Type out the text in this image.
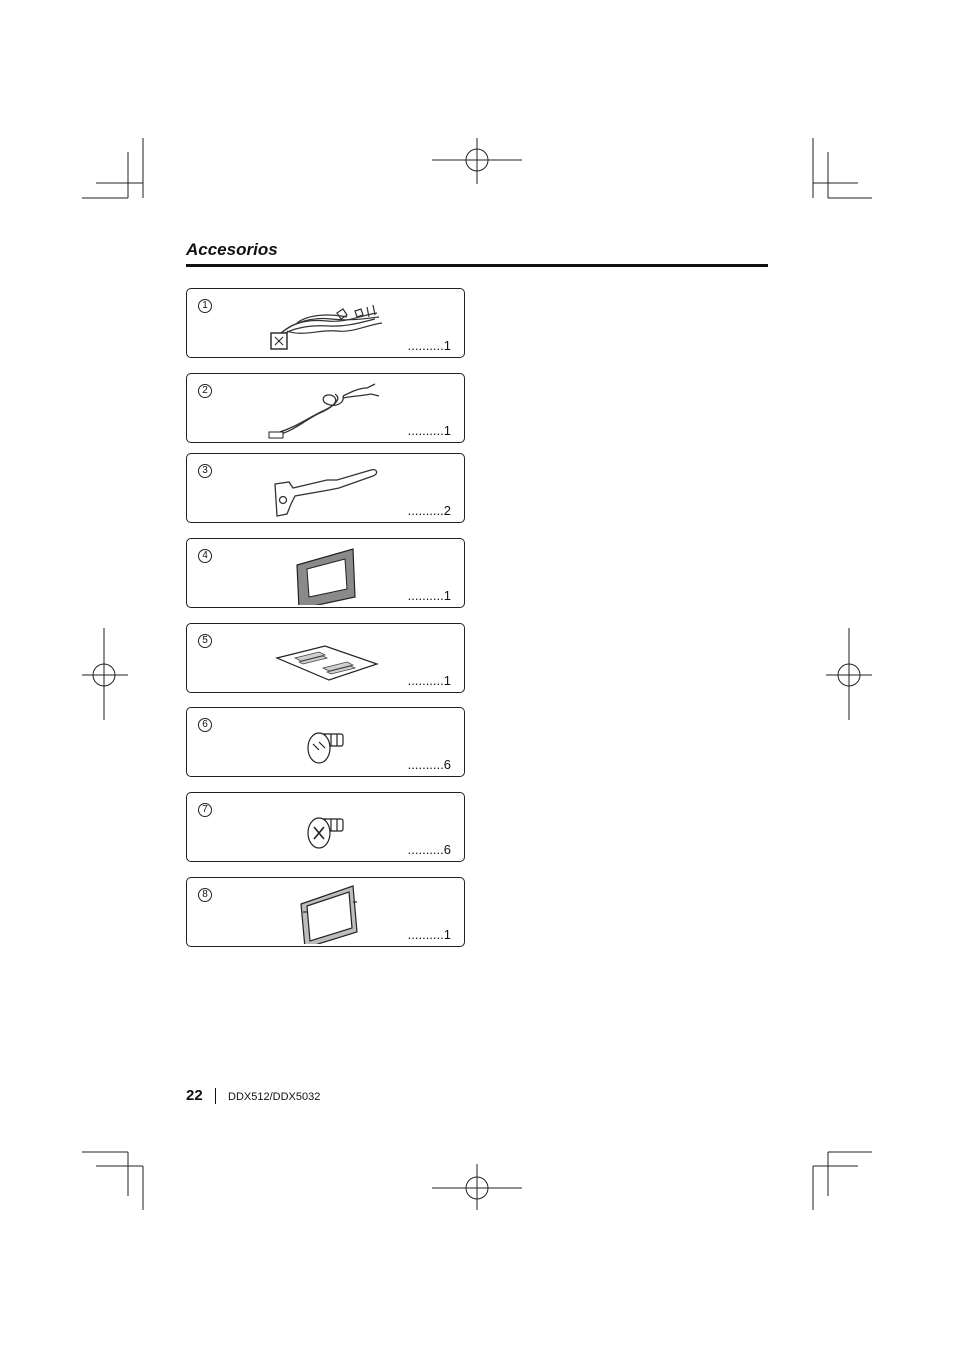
Accesorios
1
..........1
2
..........1
3
..........2
4
..........1
5
..........1
6
..........6
7
..........6
8
..........1
22 DDX512/DDX5032
